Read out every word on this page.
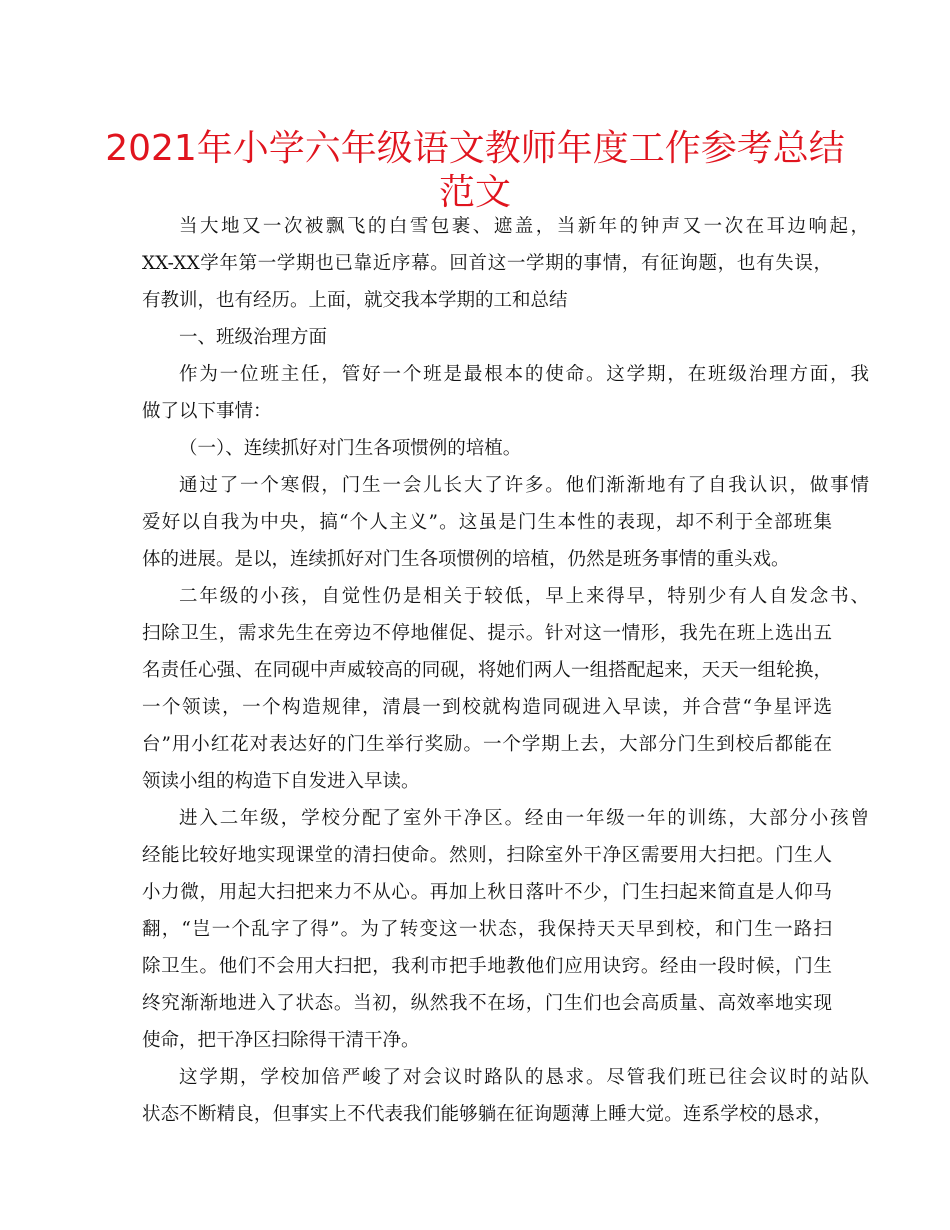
2021年小学六年级语文教师年度工作参考总结
范文
当大地又一次被飘飞的白雪包裹、遮盖，当新年的钟声又一次在耳边响起，
XX-XX学年第一学期也已靠近序幕。回首这一学期的事情，有征询题，也有失误，
有教训，也有经历。上面，就交我本学期的工和总结
一、班级治理方面
作为一位班主任，管好一个班是最根本的使命。这学期，在班级治理方面，我
做了以下事情：
（一）、连续抓好对门生各项惯例的培植。
通过了一个寒假，门生一会儿长大了许多。他们渐渐地有了自我认识，做事情
爱好以自我为中央，搞“个人主义”。这虽是门生本性的表现，却不利于全部班集
体的进展。是以，连续抓好对门生各项惯例的培植，仍然是班务事情的重头戏。
二年级的小孩，自觉性仍是相关于较低，早上来得早，特别少有人自发念书、
扫除卫生，需求先生在旁边不停地催促、提示。针对这一情形，我先在班上选出五
名责任心强、在同砚中声威较高的同砚，将她们两人一组搭配起来，天天一组轮换，
一个领读，一个构造规律，清晨一到校就构造同砚进入早读，并合营“争星评选
台”用小红花对表达好的门生举行奖励。一个学期上去，大部分门生到校后都能在
领读小组的构造下自发进入早读。
进入二年级，学校分配了室外干净区。经由一年级一年的训练，大部分小孩曾
经能比较好地实现课堂的清扫使命。然则，扫除室外干净区需要用大扫把。门生人
小力微，用起大扫把来力不从心。再加上秋日落叶不少，门生扫起来简直是人仰马
翻，“岂一个乱字了得”。为了转变这一状态，我保持天天早到校，和门生一路扫
除卫生。他们不会用大扫把，我利市把手地教他们应用诀窍。经由一段时候，门生
终究渐渐地进入了状态。当初，纵然我不在场，门生们也会高质量、高效率地实现
使命，把干净区扫除得干清干净。
这学期，学校加倍严峻了对会议时路队的恳求。尽管我们班已往会议时的站队
状态不断精良，但事实上不代表我们能够躺在征询题薄上睡大觉。连系学校的恳求，
